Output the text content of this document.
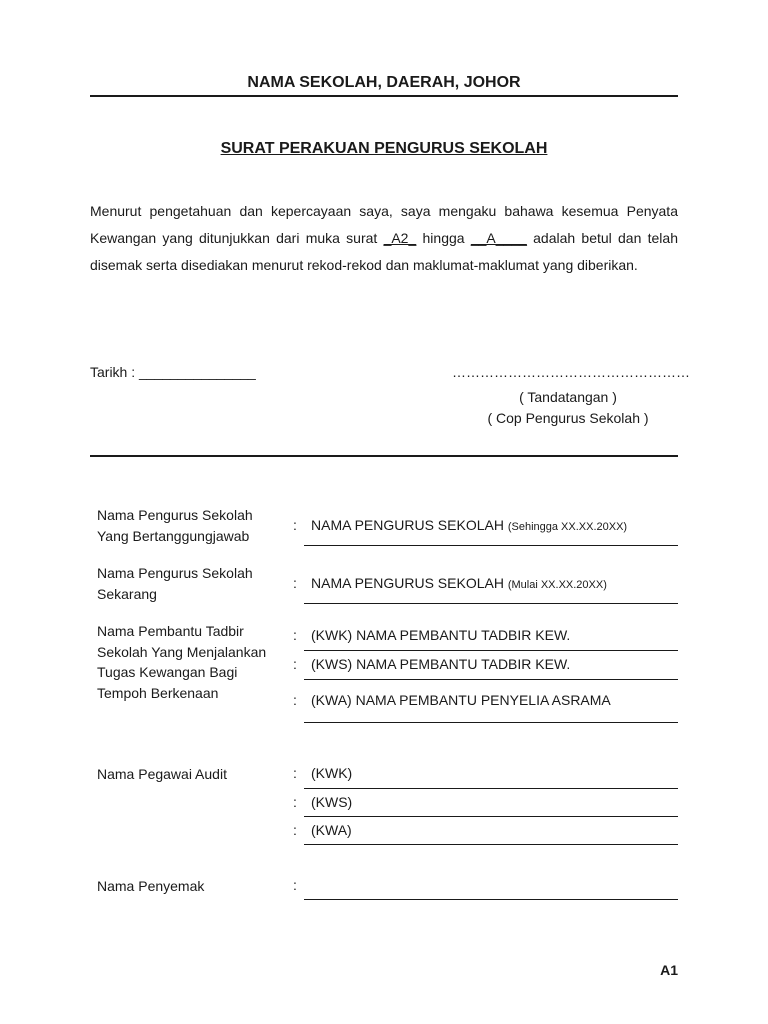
NAMA SEKOLAH, DAERAH, JOHOR
SURAT PERAKUAN PENGURUS SEKOLAH
Menurut pengetahuan dan kepercayaan saya, saya mengaku bahawa kesemua Penyata Kewangan yang ditunjukkan dari muka surat _A2_ hingga __A____ adalah betul dan telah disemak serta disediakan menurut rekod-rekod dan maklumat-maklumat yang diberikan.
Tarikh : _______________	……………………………………………
( Tandatangan )
( Cop Pengurus Sekolah )
Nama Pengurus Sekolah Yang Bertanggungjawab
: NAMA PENGURUS SEKOLAH (Sehingga XX.XX.20XX)
Nama Pengurus Sekolah Sekarang
: NAMA PENGURUS SEKOLAH (Mulai XX.XX.20XX)
Nama Pembantu Tadbir Sekolah Yang Menjalankan Tugas Kewangan Bagi Tempoh Berkenaan
: (KWK) NAMA PEMBANTU TADBIR KEW.
: (KWS) NAMA PEMBANTU TADBIR KEW.
: (KWA) NAMA PEMBANTU PENYELIA ASRAMA
Nama Pegawai Audit	: (KWK)
: (KWS)
: (KWA)
Nama Penyemak	:
A1
